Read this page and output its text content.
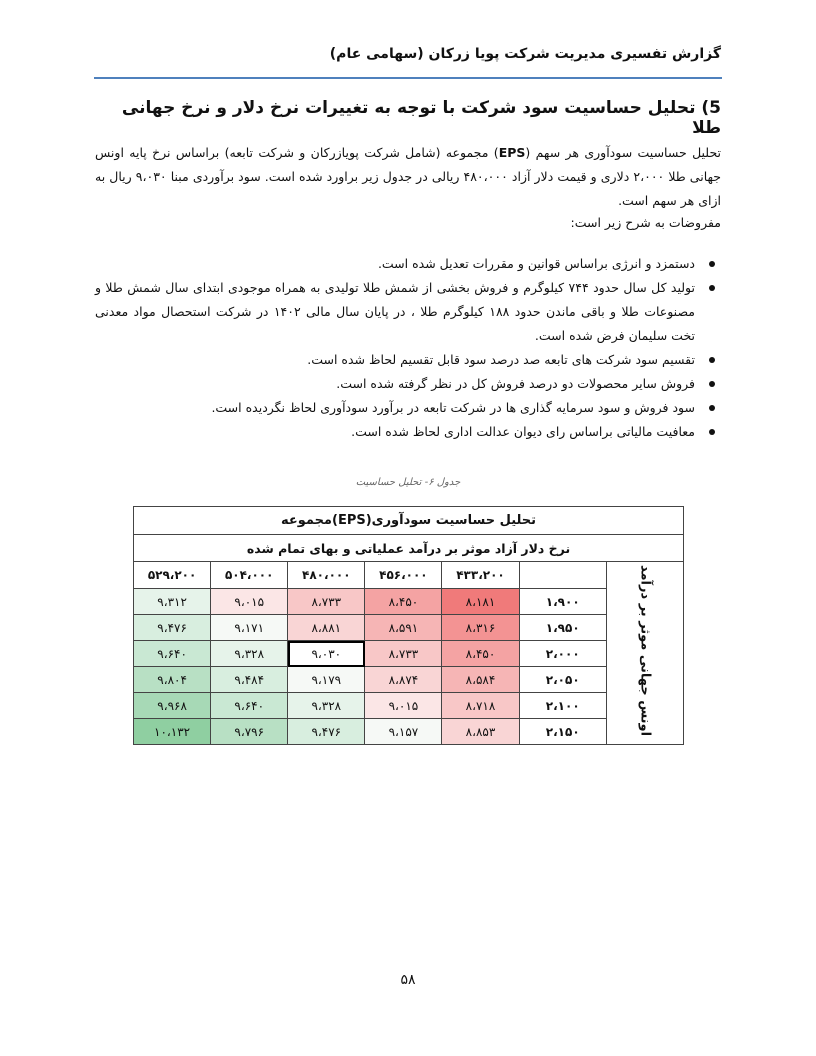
گزارش تفسیری مدیریت شرکت پویا زرکان (سهامی عام)
5) تحلیل حساسیت سود شرکت با توجه به تغییرات نرخ دلار و نرخ جهانی طلا

تحلیل حساسیت سودآوری هر سهم (EPS) مجموعه (شامل شرکت پویازرکان و شرکت تابعه) براساس نرخ پایه اونس جهانی طلا ۲،۰۰۰ دلاری و قیمت دلار آزاد ۴۸۰،۰۰۰ ریالی در جدول زیر براورد شده است. سود برآوردی مبنا ۹،۰۳۰ ریال به ازای هر سهم است.

مفروضات به شرح زیر است:

دستمزد و انرژی براساس قوانین و مقررات تعدیل شده است.
تولید کل سال حدود ۷۴۴ کیلوگرم و فروش بخشی از شمش طلا تولیدی به همراه موجودی ابتدای سال شمش طلا و مصنوعات طلا و باقی ماندن حدود ۱۸۸ کیلوگرم طلا ، در پایان سال مالی ۱۴۰۲ در شرکت استحصال مواد معدنی تخت سلیمان فرض شده است.
تقسیم سود شرکت های تابعه صد درصد سود قابل تقسیم لحاظ شده است.
فروش سایر محصولات دو درصد فروش کل در نظر گرفته شده است.
سود فروش و سود سرمایه گذاری ها در شرکت تابعه در برآورد سودآوری لحاظ نگردیده است.
معافیت مالیاتی براساس رای دیوان عدالت اداری لحاظ شده است.
جدول ۶- تحلیل حساسیت
تحلیل حساسیت سودآوری(EPS)مجموعه						
نرخ دلار آزاد موثر بر درآمد عملیاتی و بهای تمام شده						
اونس جهانی موثر بر درآمد		۴۳۳،۲۰۰	۴۵۶،۰۰۰	۴۸۰،۰۰۰	۵۰۴،۰۰۰	۵۲۹،۲۰۰
	۱،۹۰۰	۸،۱۸۱	۸،۴۵۰	۸،۷۳۳	۹،۰۱۵	۹،۳۱۲
	۱،۹۵۰	۸،۳۱۶	۸،۵۹۱	۸،۸۸۱	۹،۱۷۱	۹،۴۷۶
	۲،۰۰۰	۸،۴۵۰	۸،۷۳۳	۹،۰۳۰	۹،۳۲۸	۹،۶۴۰
	۲،۰۵۰	۸،۵۸۴	۸،۸۷۴	۹،۱۷۹	۹،۴۸۴	۹،۸۰۴
	۲،۱۰۰	۸،۷۱۸	۹،۰۱۵	۹،۳۲۸	۹،۶۴۰	۹،۹۶۸
	۲،۱۵۰	۸،۸۵۳	۹،۱۵۷	۹،۴۷۶	۹،۷۹۶	۱۰،۱۳۲
۵۸
